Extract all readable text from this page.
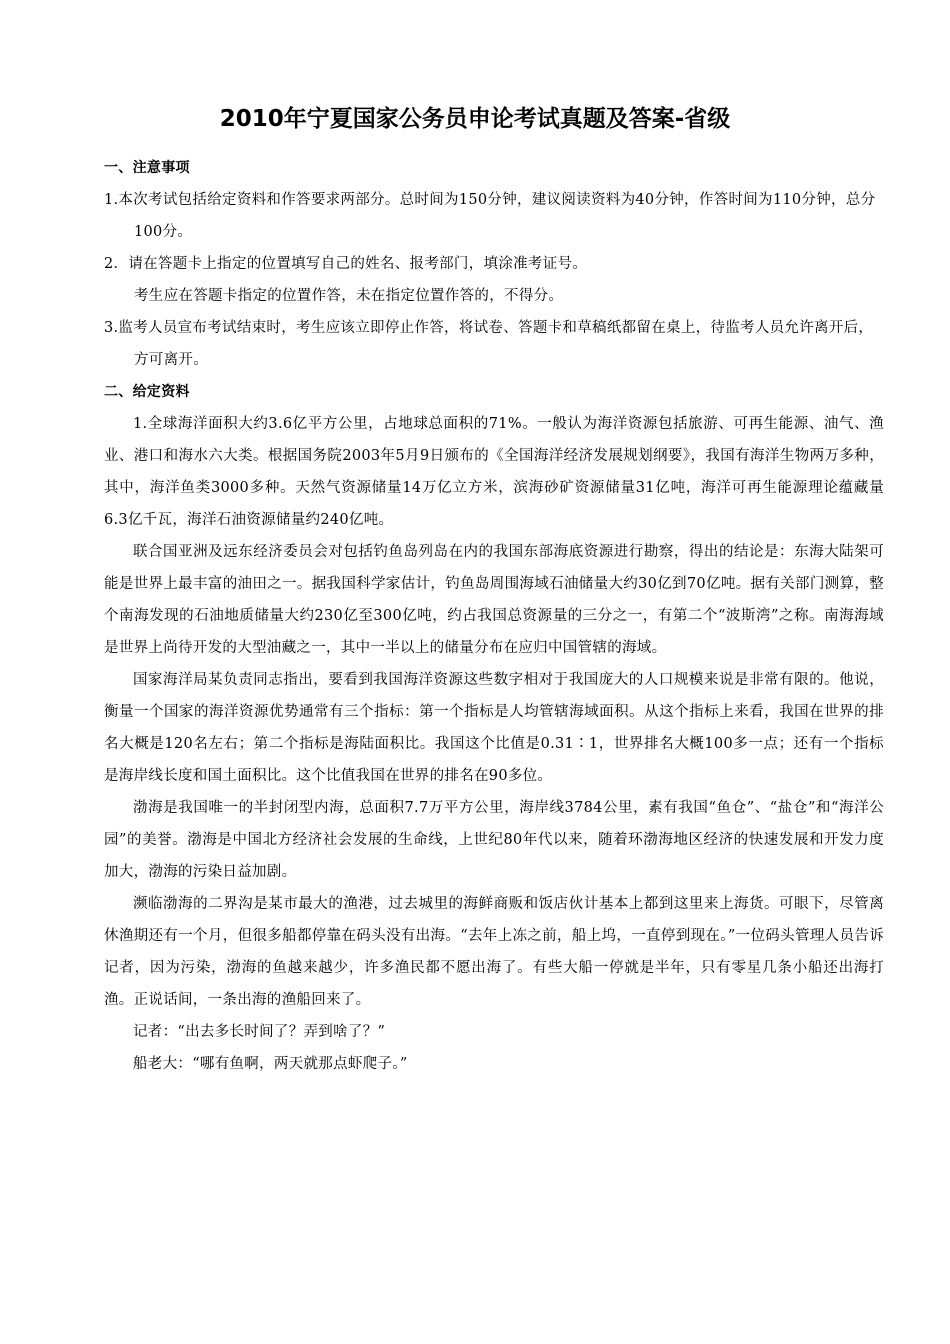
2010年宁夏国家公务员申论考试真题及答案-省级

一、注意事项

1.本次考试包括给定资料和作答要求两部分。总时间为150分钟，建议阅读资料为40分钟，作答时间为110分钟，总分100分。

2．请在答题卡上指定的位置填写自己的姓名、报考部门，填涂准考证号。

考生应在答题卡指定的位置作答，未在指定位置作答的，不得分。

3.监考人员宣布考试结束时，考生应该立即停止作答，将试卷、答题卡和草稿纸都留在桌上，待监考人员允许离开后，方可离开。

二、给定资料

1.全球海洋面积大约3.6亿平方公里，占地球总面积的71%。一般认为海洋资源包括旅游、可再生能源、油气、渔业、港口和海水六大类。根据国务院2003年5月9日颁布的《全国海洋经济发展规划纲要》，我国有海洋生物两万多种，其中，海洋鱼类3000多种。天然气资源储量14万亿立方米，滨海砂矿资源储量31亿吨，海洋可再生能源理论蕴藏量6.3亿千瓦，海洋石油资源储量约240亿吨。

联合国亚洲及远东经济委员会对包括钓鱼岛列岛在内的我国东部海底资源进行勘察，得出的结论是：东海大陆架可能是世界上最丰富的油田之一。据我国科学家估计，钓鱼岛周围海域石油储量大约30亿到70亿吨。据有关部门测算，整个南海发现的石油地质储量大约230亿至300亿吨，约占我国总资源量的三分之一，有第二个“波斯湾”之称。南海海域是世界上尚待开发的大型油藏之一，其中一半以上的储量分布在应归中国管辖的海域。

国家海洋局某负责同志指出，要看到我国海洋资源这些数字相对于我国庞大的人口规模来说是非常有限的。他说，衡量一个国家的海洋资源优势通常有三个指标：第一个指标是人均管辖海域面积。从这个指标上来看，我国在世界的排名大概是120名左右；第二个指标是海陆面积比。我国这个比值是0.31∶1，世界排名大概100多一点；还有一个指标是海岸线长度和国土面积比。这个比值我国在世界的排名在90多位。

渤海是我国唯一的半封闭型内海，总面积7.7万平方公里，海岸线3784公里，素有我国“鱼仓”、“盐仓”和“海洋公园”的美誉。渤海是中国北方经济社会发展的生命线，上世纪80年代以来，随着环渤海地区经济的快速发展和开发力度加大，渤海的污染日益加剧。

濒临渤海的二界沟是某市最大的渔港，过去城里的海鲜商贩和饭店伙计基本上都到这里来上海货。可眼下，尽管离休渔期还有一个月，但很多船都停靠在码头没有出海。“去年上冻之前，船上坞，一直停到现在。”一位码头管理人员告诉记者，因为污染，渤海的鱼越来越少，许多渔民都不愿出海了。有些大船一停就是半年，只有零星几条小船还出海打渔。正说话间，一条出海的渔船回来了。

记者：“出去多长时间了？弄到啥了？”

船老大：“哪有鱼啊，两天就那点虾爬子。”
